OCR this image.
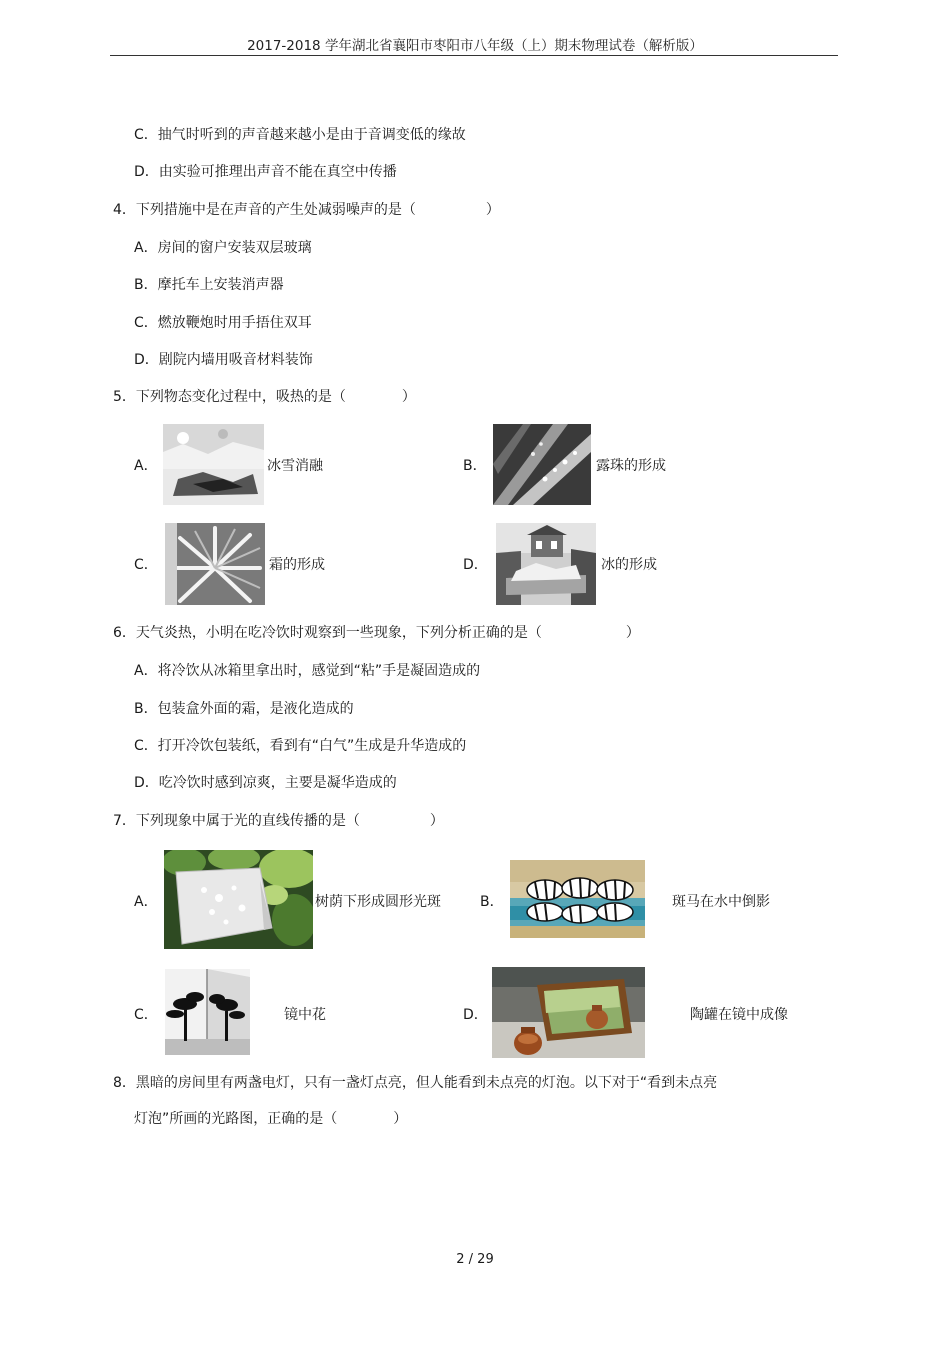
2017-2018 学年湖北省襄阳市枣阳市八年级（上）期末物理试卷（解析版）
C．抽气时听到的声音越来越小是由于音调变低的缘故
D．由实验可推理出声音不能在真空中传播
4．下列措施中是在声音的产生处减弱噪声的是（　　　　　）
A．房间的窗户安装双层玻璃
B．摩托车上安装消声器
C．燃放鞭炮时用手捂住双耳
D．剧院内墙用吸音材料装饰
5．下列物态变化过程中，吸热的是（　　　　）
A．	冰雪消融	B．	露珠的形成
C．	霜的形成	D．	冰的形成
6．天气炎热，小明在吃冷饮时观察到一些现象，下列分析正确的是（　　　　　　）
A．将冷饮从冰箱里拿出时，感觉到“粘”手是凝固造成的
B．包装盒外面的霜，是液化造成的
C．打开冷饮包装纸，看到有“白气”生成是升华造成的
D．吃冷饮时感到凉爽，主要是凝华造成的
7．下列现象中属于光的直线传播的是（　　　　　）
A．	树荫下形成圆形光斑	B．	斑马在水中倒影
C．	镜中花	D．	陶罐在镜中成像
8．黑暗的房间里有两盏电灯，只有一盏灯点亮，但人能看到未点亮的灯泡。以下对于“看到未点亮
灯泡”所画的光路图，正确的是（　　　　）
2 / 29
